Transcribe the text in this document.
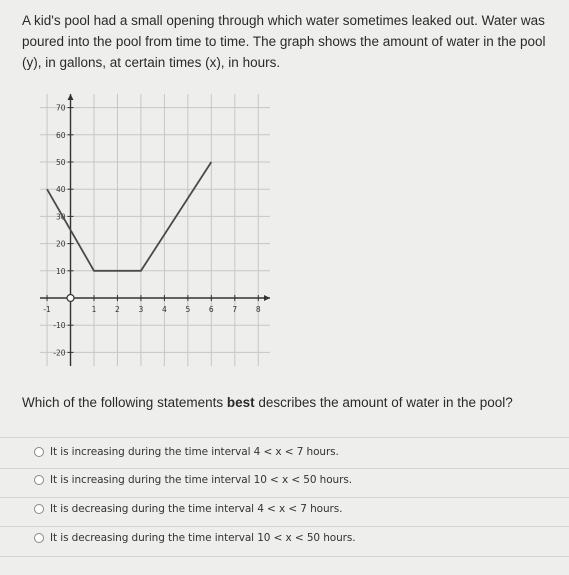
A kid's pool had a small opening through which water sometimes leaked out. Water was poured into the pool from time to time. The graph shows the amount of water in the pool (y), in gallons, at certain times (x), in hours.
-1	1 2 3 4 5 6 7 8
70
60
50
40
30
20
10
-10
-20
Which of the following statements best describes the amount of water in the pool?
It is increasing during the time interval 4 < x < 7 hours.
It is increasing during the time interval 10 < x < 50 hours.
It is decreasing during the time interval 4 < x < 7 hours.
It is decreasing during the time interval 10 < x < 50 hours.
